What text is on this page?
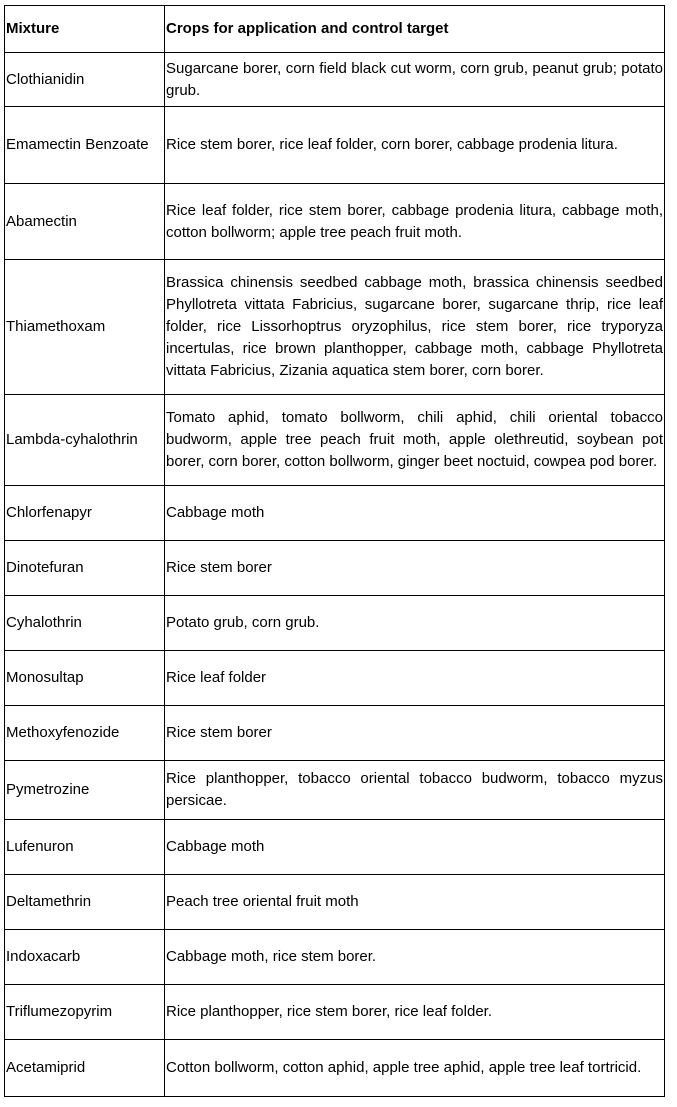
Mixture	Crops for application and control target
Clothianidin	Sugarcane borer, corn field black cut worm, corn grub, peanut grub; potato grub.
Emamectin Benzoate	Rice stem borer, rice leaf folder, corn borer, cabbage prodenia litura.
Abamectin	Rice leaf folder, rice stem borer, cabbage prodenia litura, cabbage moth, cotton bollworm; apple tree peach fruit moth.
Thiamethoxam	Brassica chinensis seedbed cabbage moth, brassica chinensis seedbed Phyllotreta vittata Fabricius, sugarcane borer, sugarcane thrip, rice leaf folder, rice Lissorhoptrus oryzophilus, rice stem borer, rice tryporyza incertulas, rice brown planthopper, cabbage moth, cabbage Phyllotreta vittata Fabricius, Zizania aquatica stem borer, corn borer.
Lambda-cyhalothrin	Tomato aphid, tomato bollworm, chili aphid, chili oriental tobacco budworm, apple tree peach fruit moth, apple olethreutid, soybean pot borer, corn borer, cotton bollworm, ginger beet noctuid, cowpea pod borer.
Chlorfenapyr	Cabbage moth
Dinotefuran	Rice stem borer
Cyhalothrin	Potato grub, corn grub.
Monosultap	Rice leaf folder
Methoxyfenozide	Rice stem borer
Pymetrozine	Rice planthopper, tobacco oriental tobacco budworm, tobacco myzus persicae.
Lufenuron	Cabbage moth
Deltamethrin	Peach tree oriental fruit moth
Indoxacarb	Cabbage moth, rice stem borer.
Triflumezopyrim	Rice planthopper, rice stem borer, rice leaf folder.
Acetamiprid	Cotton bollworm, cotton aphid, apple tree aphid, apple tree leaf tortricid.
